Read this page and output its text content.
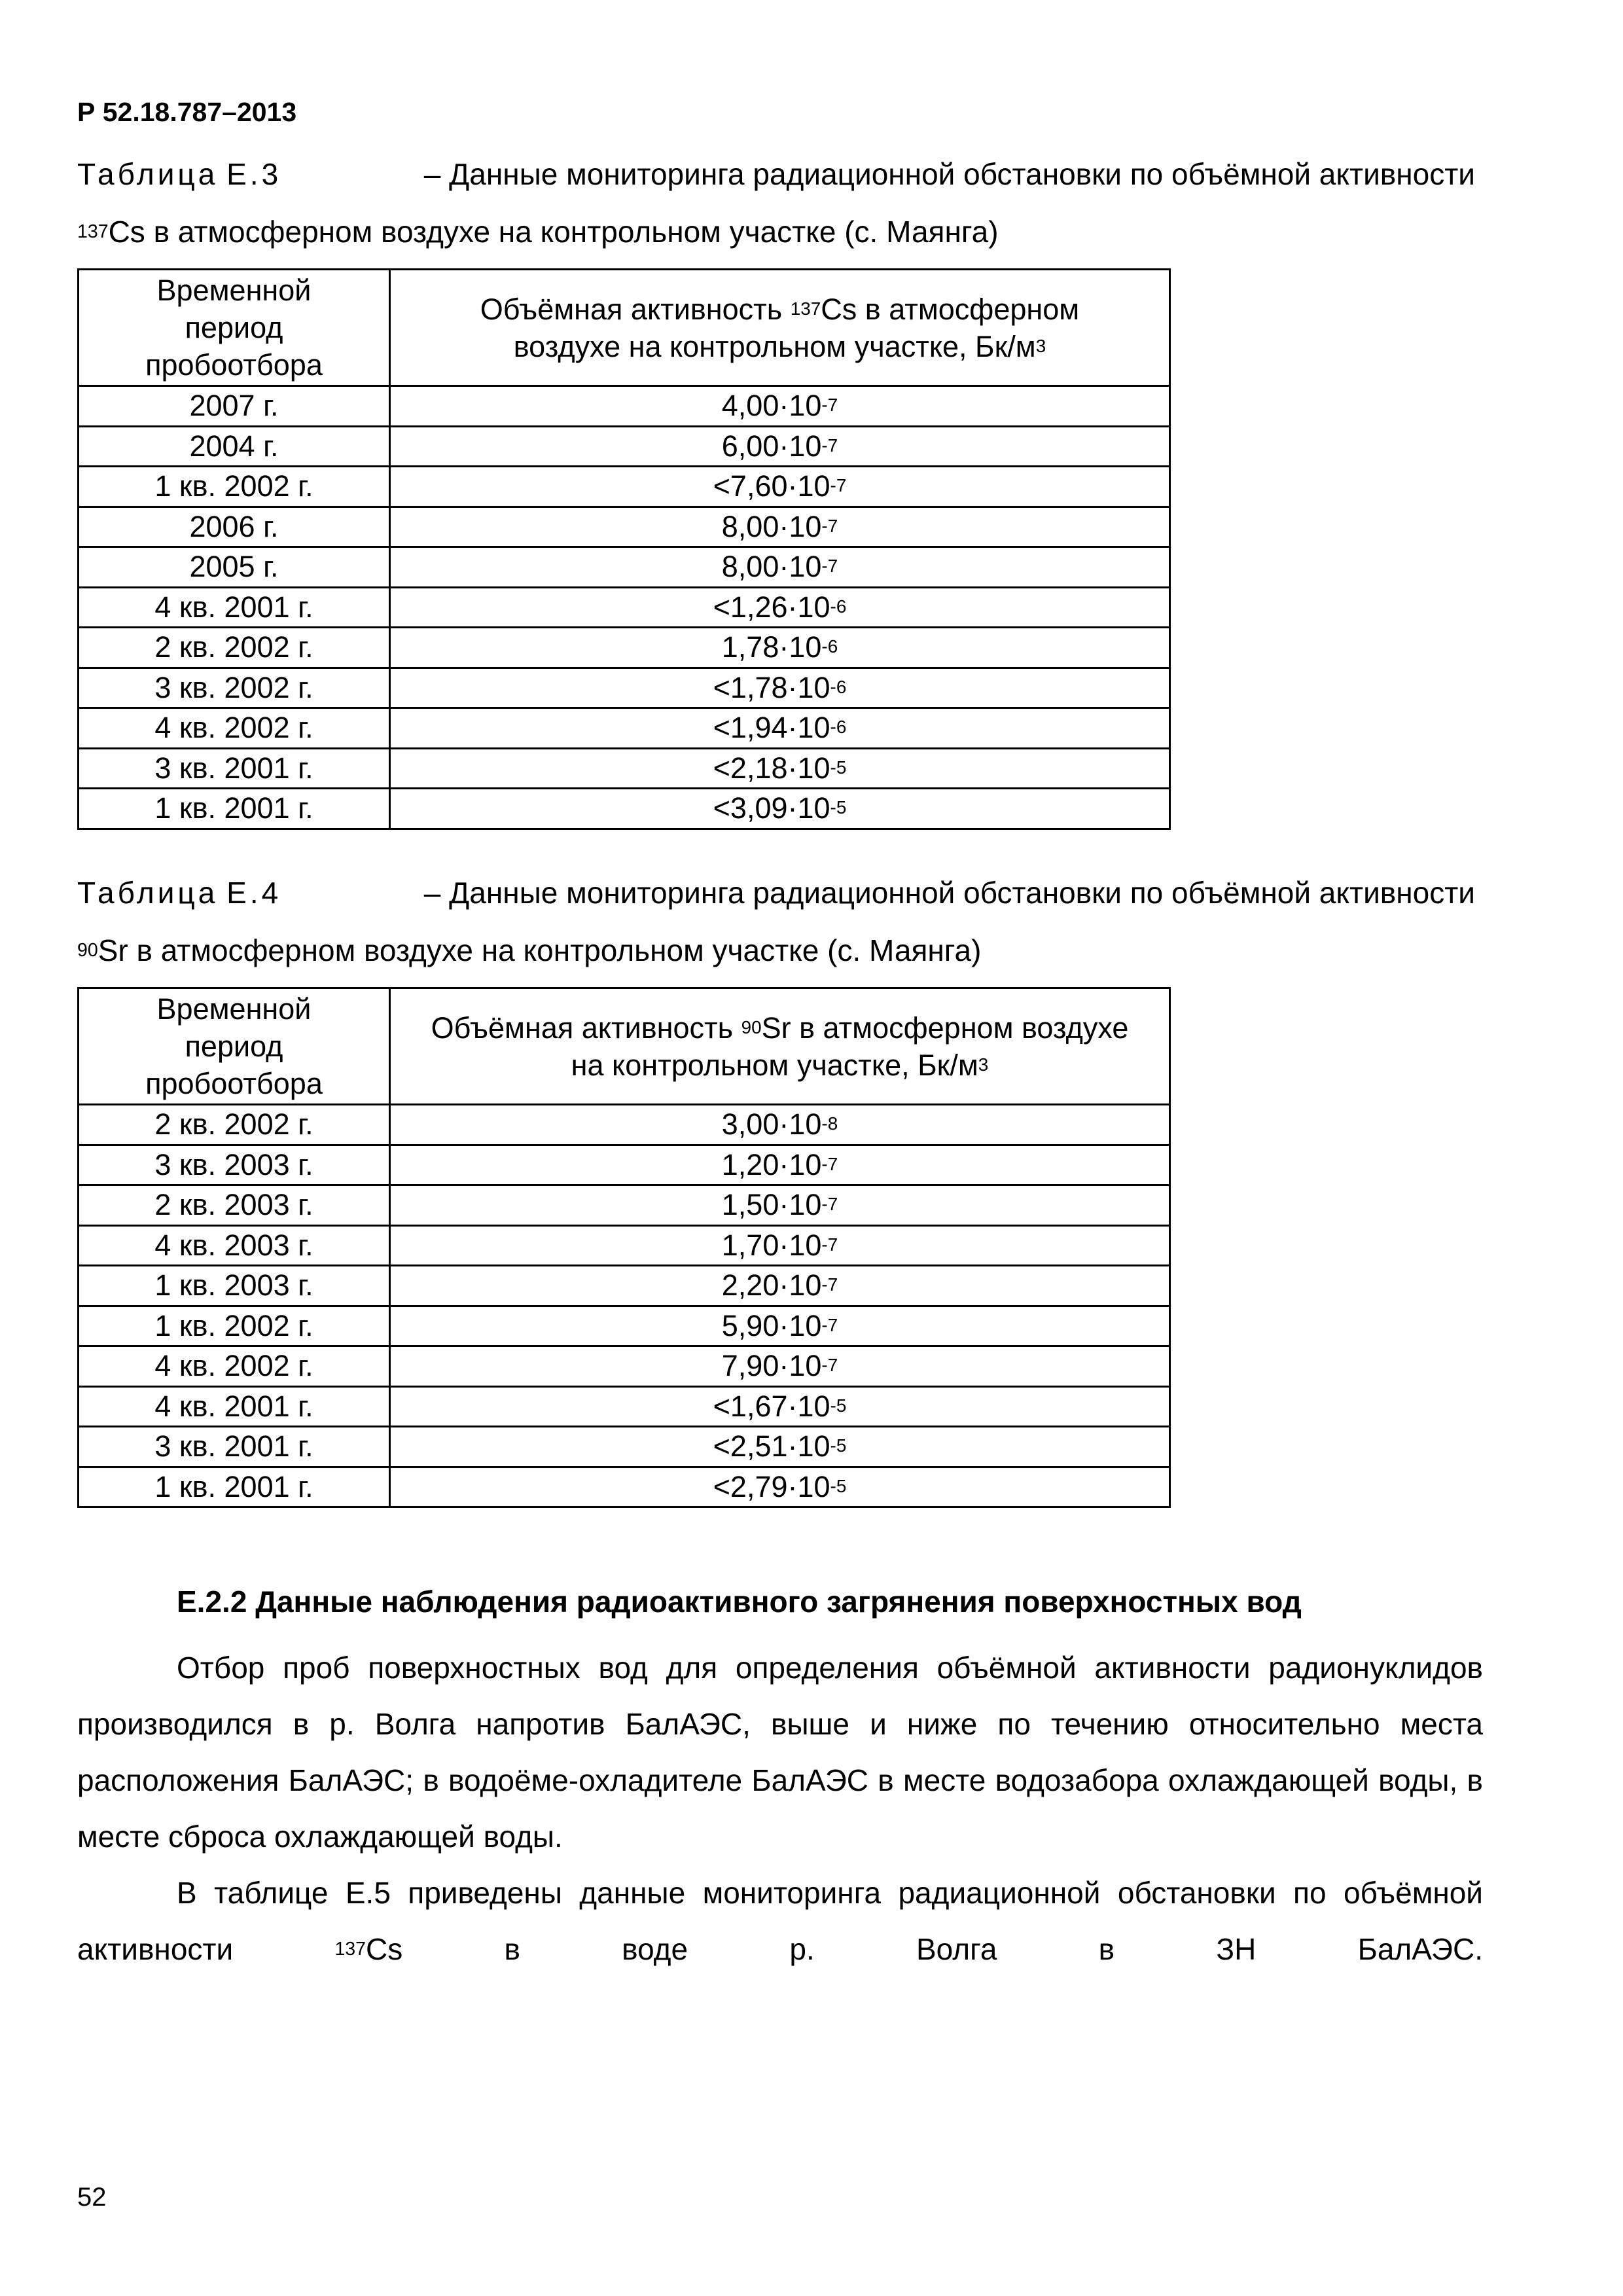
Р 52.18.787–2013
Таблица Е.3	– Данные мониторинга радиационной обстановки по объёмной активности
$^{137}$Cs в атмосферном воздухе на контрольном участке (с. Маянга)
Временной период пробоотбора	Объёмная активность $^{137}$Cs в атмосферном воздухе на контрольном участке, $Бк/м^3$
2007 г.	$4,00\cdot 10^{-7}$
2004 г.	$6,00\cdot 10^{-7}$
1 кв. 2002 г.	$<7,60\cdot 10^{-7}$
2006 г.	$8,00\cdot 10^{-7}$
2005 г.	$8,00\cdot 10^{-7}$
4 кв. 2001 г.	$<1,26\cdot 10^{-6}$
2 кв. 2002 г.	$1,78\cdot 10^{-6}$
3 кв. 2002 г.	$<1,78\cdot 10^{-6}$
4 кв. 2002 г.	$<1,94\cdot 10^{-6}$
3 кв. 2001 г.	$<2,18\cdot 10^{-5}$
1 кв. 2001 г.	$<3,09\cdot 10^{-5}$
Таблица Е.4	– Данные мониторинга радиационной обстановки по объёмной активности
$^{90}$Sr в атмосферном воздухе на контрольном участке (с. Маянга)
Временной период пробоотбора	Объёмная активность $^{90}$Sr в атмосферном воздухе на контрольном участке, $Бк/м^3$
2 кв. 2002 г.	$3,00\cdot 10^{-8}$
3 кв. 2003 г.	$1,20\cdot 10^{-7}$
2 кв. 2003 г.	$1,50\cdot 10^{-7}$
4 кв. 2003 г.	$1,70\cdot 10^{-7}$
1 кв. 2003 г.	$2,20\cdot 10^{-7}$
1 кв. 2002 г.	$5,90\cdot 10^{-7}$
4 кв. 2002 г.	$7,90\cdot 10^{-7}$
4 кв. 2001 г.	$<1,67\cdot 10^{-5}$
3 кв. 2001 г.	$<2,51\cdot 10^{-5}$
1 кв. 2001 г.	$<2,79\cdot 10^{-5}$
Е.2.2 Данные наблюдения радиоактивного загрянения поверхностных вод

Отбор проб поверхностных вод для определения объёмной активности радионуклидов производился в р. Волга напротив БалАЭС, выше и ниже по течению относительно места расположения БалАЭС; в водоёме-охладителе БалАЭС в месте водозабора охлаждающей воды, в месте сброса охлаждающей воды.

В таблице Е.5 приведены данные мониторинга радиационной обстановки по объёмной активности $^{137}$Cs в воде р. Волга в ЗН БалАЭС.

52
